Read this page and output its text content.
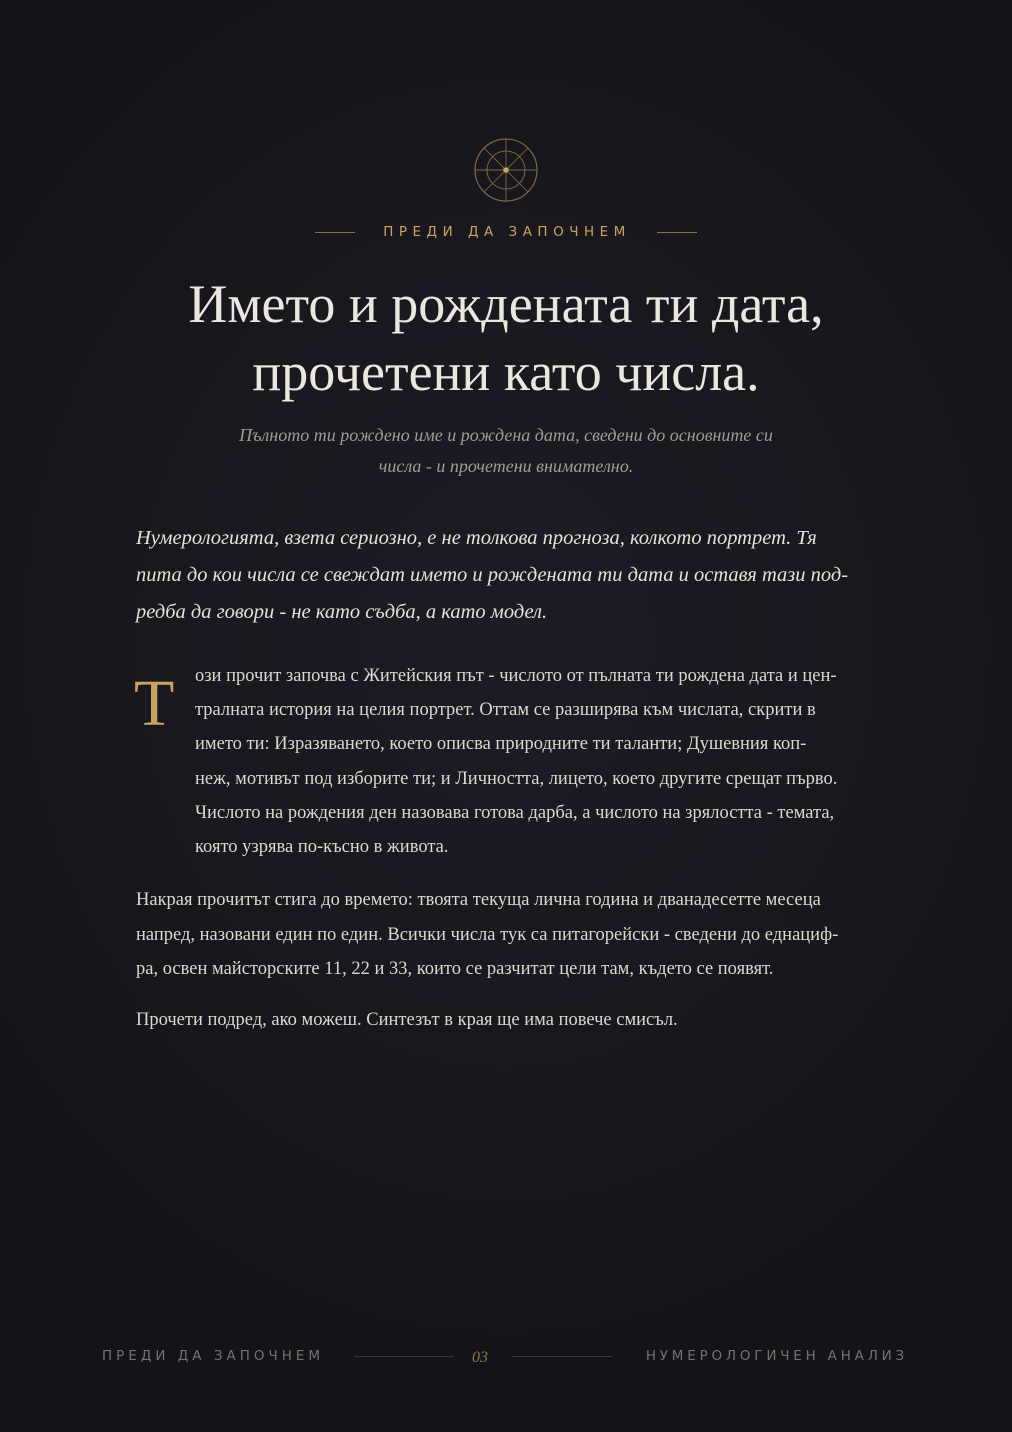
ПРЕДИ ДА ЗАПОЧНЕМ
Името и рождената ти дата,
прочетени като числа.
Пълното ти рождено име и рождена дата, сведени до основните си
числа - и прочетени внимателно.
Нумерологията, взета сериозно, е не толкова прогноза, колкото портрет. Тя
пита до кои числа се свеждат името и рождената ти дата и оставя тази под-
редба да говори - не като съдба, а като модел.
Т ози прочит започва с Житейския път - числото от пълната ти рождена дата и цен-
тралната история на целия портрет. Оттам се разширява към числата, скрити в
името ти: Изразяването, което описва природните ти таланти; Душевния коп-
неж, мотивът под изборите ти; и Личността, лицето, което другите срещат първо.
Числото на рождения ден назовава готова дарба, а числото на зрялостта - темата,
която узрява по-късно в живота.
Накрая прочитът стига до времето: твоята текуща лична година и дванадесетте месеца
напред, назовани един по един. Всички числа тук са питагорейски - сведени до еднациф-
ра, освен майсторските 11, 22 и 33, които се разчитат цели там, където се появят.
Прочети подред, ако можеш. Синтезът в края ще има повече смисъл.
ПРЕДИ ДА ЗАПОЧНЕМ	03	НУМЕРОЛОГИЧЕН АНАЛИЗ
